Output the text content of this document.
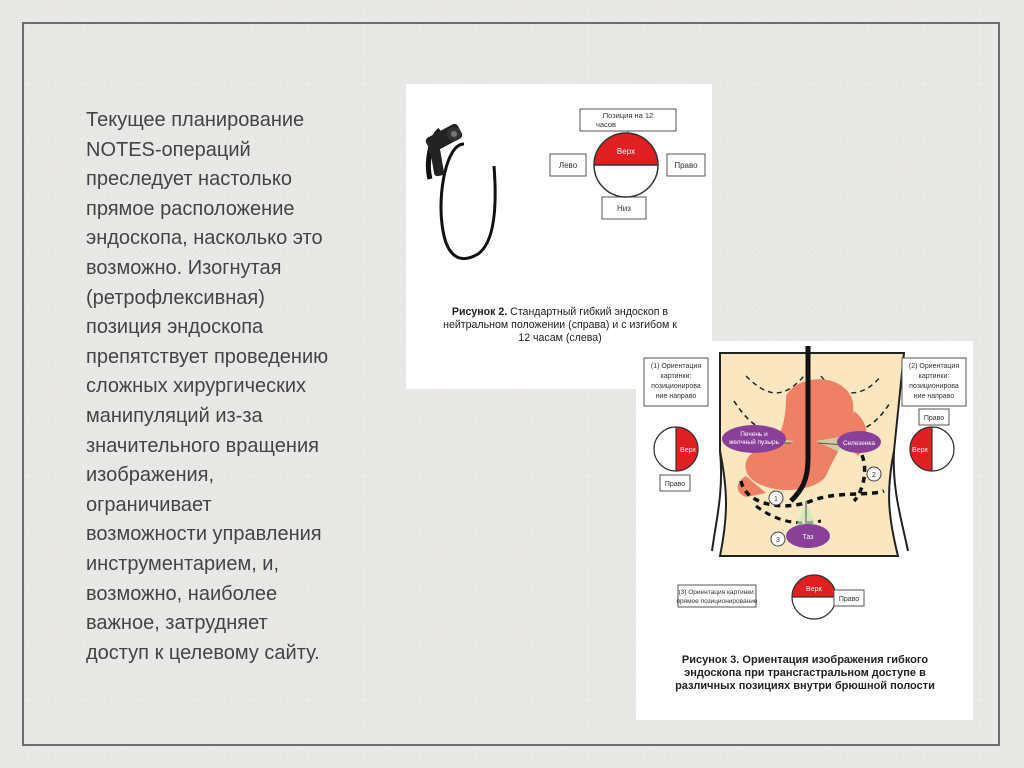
Текущее планирование
NOTES-операций
преследует настолько
прямое расположение
эндоскопа, насколько это
возможно. Изогнутая
(ретрофлексивная)
позиция эндоскопа
препятствует проведению
сложных хирургических
манипуляций из-за
значительного вращения
изображения,
ограничивает
возможности управления
инструментарием, и,
возможно, наиболее
важное, затрудняет
доступ к целевому сайту.

Позиция на 12
часов
Лево	Право
Низ
Верх
Рисунок 2. Стандартный гибкий эндоскоп в
нейтральном положении (справа) и с изгибом к
12 часам (слева)
Печень и
желчный пузырь	Селезенка
Таз
1
2
3
(1) Ориентация
картинки:
позиционирова
ние направо
(2) Ориентация
картинки:
позиционирова
ние направо
Верх
Право
Право
Верх
(3) Ориентация картинки:
прямое позиционирование
Верх
Право
Рисунок 3. Ориентация изображения гибкого
эндоскопа при трансгастральном доступе в
различных позициях внутри брюшной полости
